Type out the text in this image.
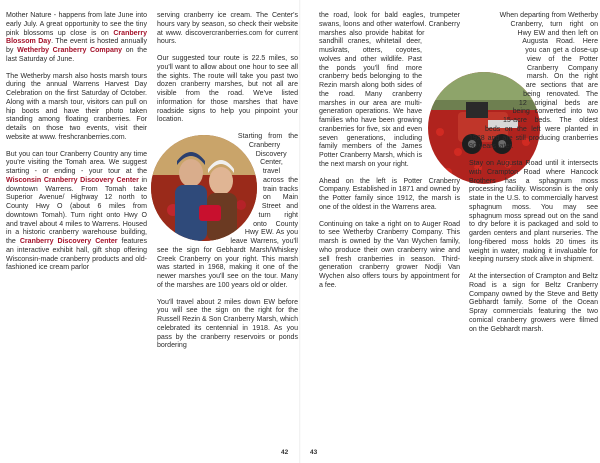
Mother Nature - happens from late June into early July. A great opportunity to see the tiny pink blossoms up close is on Cranberry Blossom Day. The event is hosted annually by Wetherby Cranberry Company on the last Saturday of June.

The Wetherby marsh also hosts marsh tours during the annual Warrens Harvest Day Celebration on the first Saturday of October. Along with a marsh tour, visitors can pull on hip boots and have their photo taken standing among floating cranberries. For details on those two events, visit their website at www. freshcranberries.com.

But you can tour Cranberry Country any time you're visiting the Tomah area. We suggest starting - or ending - your tour at the Wisconsin Cranberry Discovery Center in downtown Warrens. From Tomah take Superior Avenue/ Highway 12 north to County Hwy O (about 6 miles from downtown Tomah). Turn right onto Hwy O and travel about 4 miles to Warrens. Housed in a historic cranberry warehouse building, the Cranberry Discovery Center features an interactive exhibit hall, gift shop offering Wisconsin-made cranberry products and old-fashioned ice cream parlor

serving cranberry ice cream. The Center's hours vary by season, so check their website at www. discovercranberries.com for current hours.

Our suggested tour route is 22.5 miles, so you'll want to allow about one hour to see all the sights. The route will take you past two dozen cranberry marshes, but not all are visible from the road. We've listed information for those marshes that have roadside signs to help you pinpoint your location.

Starting from the Cranberry Discovery Center, travel across the train tracks on Main Street and turn right onto County Hwy EW. As you leave Warrens, you'll see the sign for Gebhardt Marsh/Whiskey Creek Cranberry on your right. This marsh was started in 1968, making it one of the newer marshes you'll see on the tour. Many of the marshes are 100 years old or older.

You'll travel about 2 miles down EW before you will see the sign on the right for the Russell Rezin & Son Cranberry Marsh, which celebrated its centennial in 1918. As you pass by the cranberry reservoirs or ponds bordering

the road, look for bald eagles, trumpeter swans, loons and other waterfowl. Cranberry marshes also provide habitat for sandhill cranes, whitetail deer, muskrats, otters, coyotes, wolves and other wildlife. Past the ponds you'll find more cranberry beds belonging to the Rezin marsh along both sides of the road. Many cranberry marshes in our area are multi-generation operations. We have families who have been growing cranberries for five, six and even seven generations, including family members of the James Potter Cranberry Marsh, which is the next marsh on your right.

Ahead on the left is Potter Cranberry Company. Established in 1871 and owned by the Potter family since 1912, the marsh is one of the oldest in the Warrens area.

Continuing on take a right on to Auger Road to see Wetherby Cranberry Company. This marsh is owned by the Van Wychen family, who produce their own cranberry wine and sell fresh cranberries in season. Third-generation cranberry grower Nodji Van Wychen also offers tours by appointment for a fee.

When departing from Wetherby Cranberry, turn right on Hwy EW and then left on Augusta Road. Here you can get a close-up view of the Potter Cranberry Company marsh. On the right are sections that are being renovated. The 12 original beds are being converted into two 15-acre beds. The oldest beds on the left were planted in 1928 and are still producing cranberries 90 years later.

Stay on Augusta Road until it intersects with Crampton Road where Hancock Brothers has a sphagnum moss processing facility. Wisconsin is the only state in the U.S. to commercially harvest sphagnum moss. You may see sphagnum moss spread out on the sand to dry before it is packaged and sold to garden centers and plant nurseries. The long-fibered moss holds 20 times its weight in water, making it invaluable for keeping nursery stock alive in shipment.

At the intersection of Crampton and Beltz Road is a sign for Beltz Cranberry Company owned by the Steve and Betty Gebhardt family. Some of the Ocean Spray commercials featuring the two comical cranberry growers were filmed on the Gebhardt marsh.

42	43
